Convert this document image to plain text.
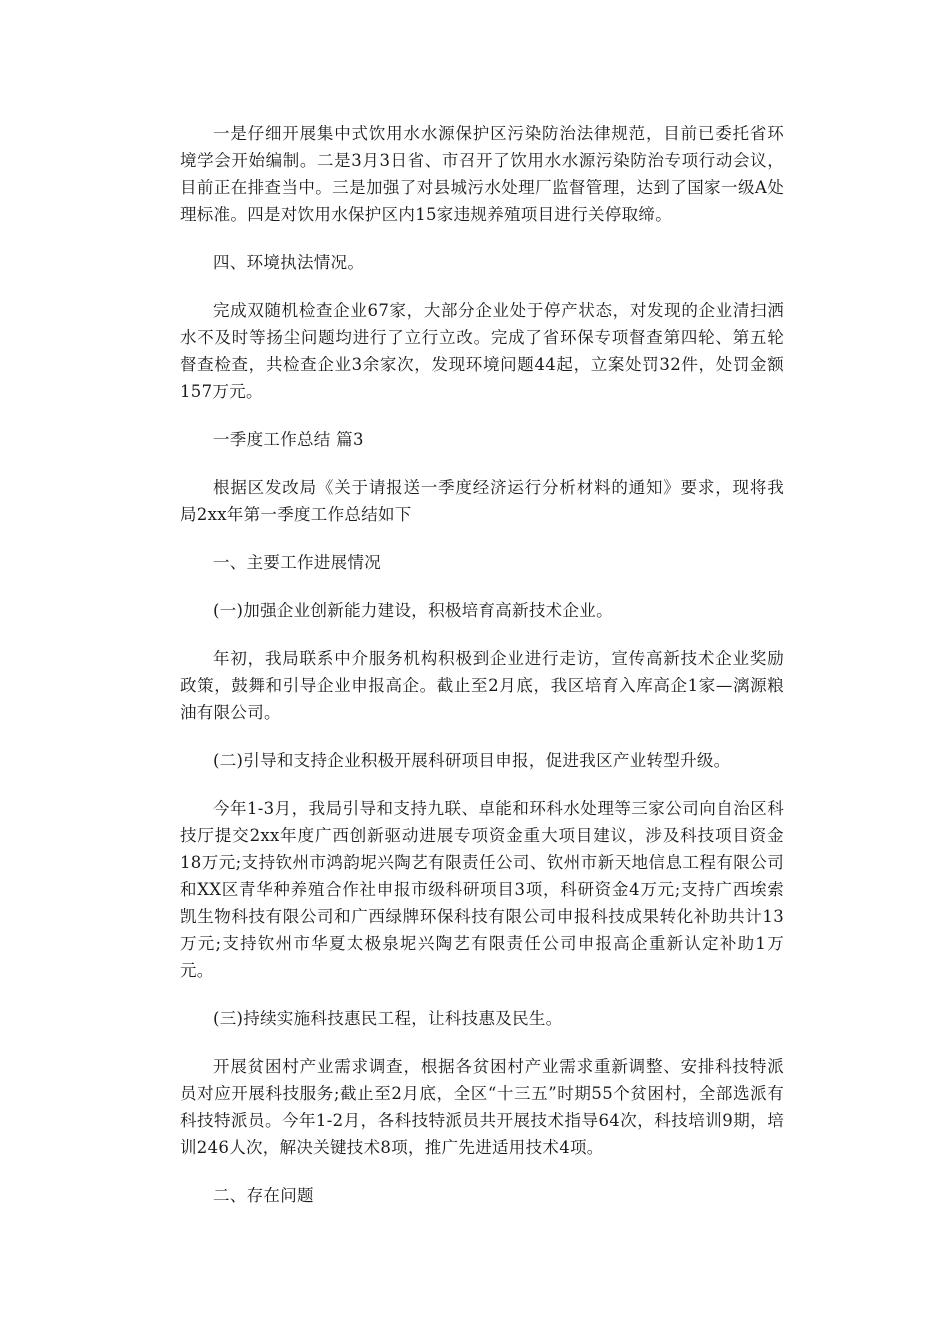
一是仔细开展集中式饮用水水源保护区污染防治法律规范，目前已委托省环境学会开始编制。二是3月3日省、市召开了饮用水水源污染防治专项行动会议，目前正在排查当中。三是加强了对县城污水处理厂监督管理，达到了国家一级A处理标准。四是对饮用水保护区内15家违规养殖项目进行关停取缔。

四、环境执法情况。

完成双随机检查企业67家，大部分企业处于停产状态，对发现的企业清扫洒水不及时等扬尘问题均进行了立行立改。完成了省环保专项督查第四轮、第五轮督查检查，共检查企业3余家次，发现环境问题44起，立案处罚32件，处罚金额157万元。

一季度工作总结 篇3

根据区发改局《关于请报送一季度经济运行分析材料的通知》要求，现将我局2xx年第一季度工作总结如下

一、主要工作进展情况

(一)加强企业创新能力建设，积极培育高新技术企业。

年初，我局联系中介服务机构积极到企业进行走访，宣传高新技术企业奖励政策，鼓舞和引导企业申报高企。截止至2月底，我区培育入库高企1家—漓源粮油有限公司。

(二)引导和支持企业积极开展科研项目申报，促进我区产业转型升级。

今年1-3月，我局引导和支持九联、卓能和环科水处理等三家公司向自治区科技厅提交2xx年度广西创新驱动进展专项资金重大项目建议，涉及科技项目资金18万元;支持钦州市鸿韵坭兴陶艺有限责任公司、钦州市新天地信息工程有限公司和XX区青华种养殖合作社申报市级科研项目3项，科研资金4万元;支持广西埃索凯生物科技有限公司和广西绿牌环保科技有限公司申报科技成果转化补助共计13万元;支持钦州市华夏太极泉坭兴陶艺有限责任公司申报高企重新认定补助1万元。

(三)持续实施科技惠民工程，让科技惠及民生。

开展贫困村产业需求调查，根据各贫困村产业需求重新调整、安排科技特派员对应开展科技服务;截止至2月底，全区“十三五”时期55个贫困村，全部选派有科技特派员。今年1-2月，各科技特派员共开展技术指导64次，科技培训9期，培训246人次，解决关键技术8项，推广先进适用技术4项。

二、存在问题
